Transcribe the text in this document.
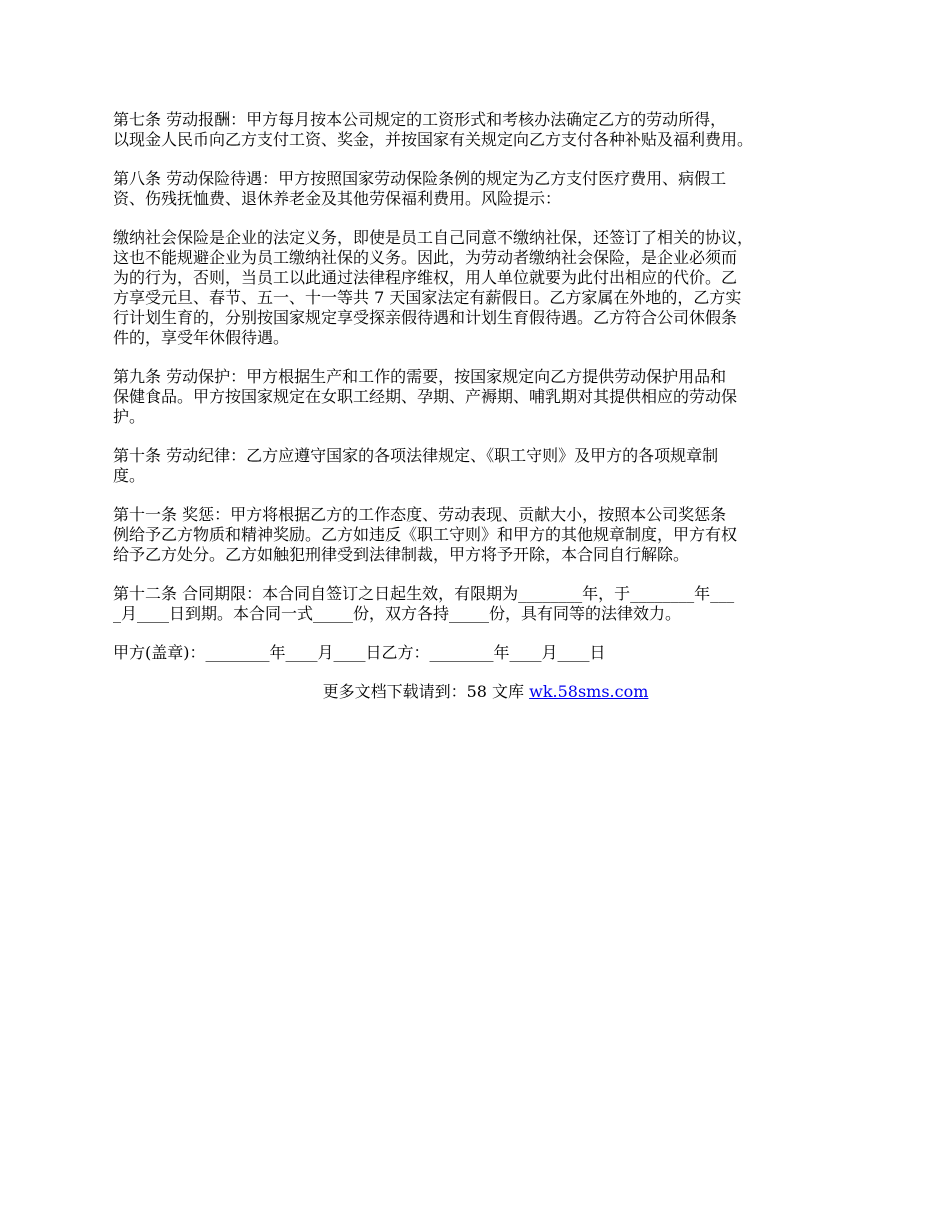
第七条 劳动报酬：甲方每月按本公司规定的工资形式和考核办法确定乙方的劳动所得，
以现金人民币向乙方支付工资、奖金，并按国家有关规定向乙方支付各种补贴及福利费用。

第八条 劳动保险待遇：甲方按照国家劳动保险条例的规定为乙方支付医疗费用、病假工
资、伤残抚恤费、退休养老金及其他劳保福利费用。风险提示：

缴纳社会保险是企业的法定义务，即使是员工自己同意不缴纳社保，还签订了相关的协议，
这也不能规避企业为员工缴纳社保的义务。因此，为劳动者缴纳社会保险，是企业必须而
为的行为，否则，当员工以此通过法律程序维权，用人单位就要为此付出相应的代价。乙
方享受元旦、春节、五一、十一等共 7 天国家法定有薪假日。乙方家属在外地的，乙方实
行计划生育的，分别按国家规定享受探亲假待遇和计划生育假待遇。乙方符合公司休假条
件的，享受年休假待遇。

第九条 劳动保护：甲方根据生产和工作的需要，按国家规定向乙方提供劳动保护用品和
保健食品。甲方按国家规定在女职工经期、孕期、产褥期、哺乳期对其提供相应的劳动保
护。

第十条 劳动纪律：乙方应遵守国家的各项法律规定、《职工守则》及甲方的各项规章制
度。

第十一条 奖惩：甲方将根据乙方的工作态度、劳动表现、贡献大小，按照本公司奖惩条
例给予乙方物质和精神奖励。乙方如违反《职工守则》和甲方的其他规章制度，甲方有权
给予乙方处分。乙方如触犯刑律受到法律制裁，甲方将予开除，本合同自行解除。

第十二条 合同期限：本合同自签订之日起生效，有限期为________年，于________年___
_月____日到期。本合同一式_____份，双方各持_____份，具有同等的法律效力。

甲方(盖章)：________年____月____日乙方：________年____月____日

更多文档下载请到：58 文库 wk.58sms.com
